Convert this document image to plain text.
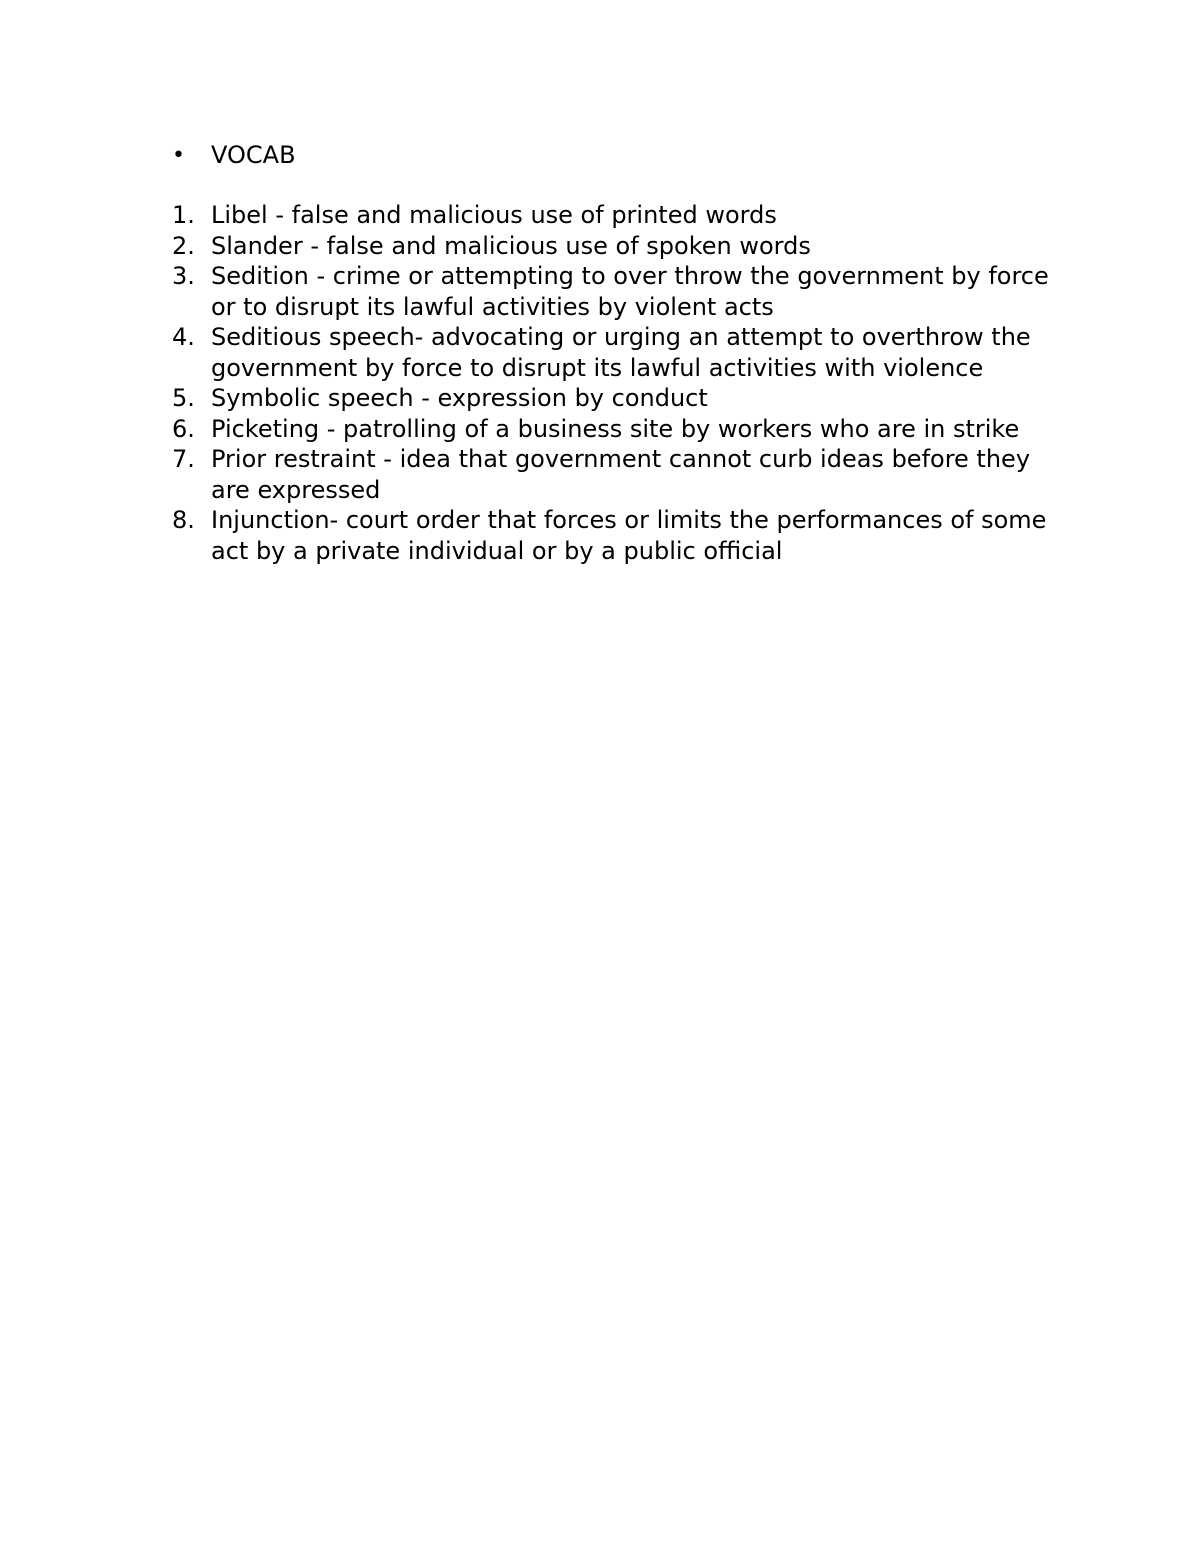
•	VOCAB
1. Libel - false and malicious use of printed words
2. Slander - false and malicious use of spoken words
3. Sedition - crime or attempting to over throw the government by force or to disrupt its lawful activities by violent acts
4. Seditious speech- advocating or urging an attempt to overthrow the government by force to disrupt its lawful activities with violence
5. Symbolic speech - expression by conduct
6. Picketing - patrolling of a business site by workers who are in strike
7. Prior restraint - idea that government cannot curb ideas before they are expressed
8. Injunction- court order that forces or limits the performances of some act by a private individual or by a public official
